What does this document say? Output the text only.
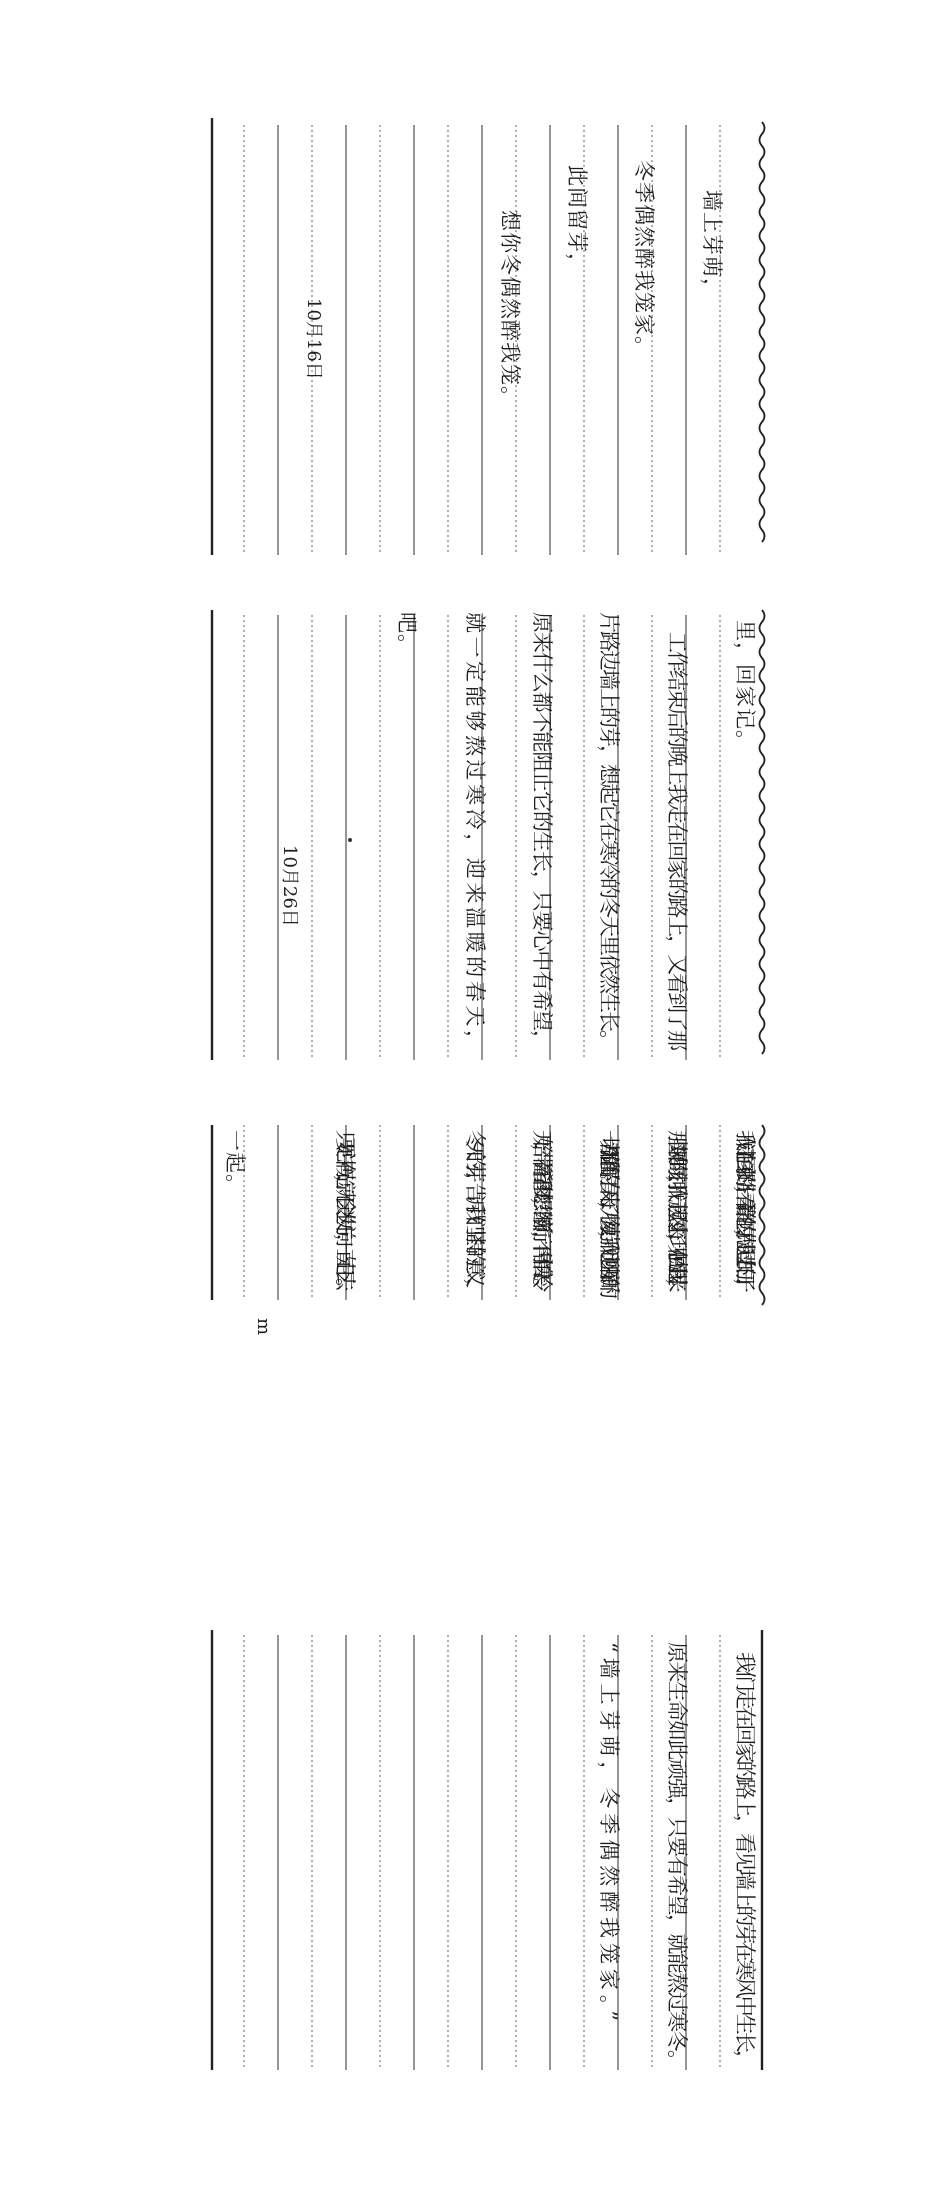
墙上芽萌，
冬季偶然醉我笼家。
此间留芽，
想你冬偶然醉我笼。
10月16日
里，回家记。
工作结束后的晚上我走在回家的路上，又看到了那
片路边墙上的芽，想起它在寒冷的冬天里依然生长。
原来什么都不能阻止它的生长，只要心中有希望，
就一定能够熬过寒冷，迎来温暖的春天，
吧。
10月26日
我们走在回家的路上，看着路边的芽，想起过去的日子，
那些艰难的时刻，我们一起熬过来了，现在回想起来，
一切都是值得的。春天来了，万物复苏，我们也迎来了新的
开始，带着希望和梦想，继续前行，不再害怕寒冷。
冬天的芽，告诉我们坚持的意义，
只要心中有光，就不会迷失方向，一直走下去。
一起。
m
我们走在回家的路上，看见墙上的芽在寒风中生长，
原来生命如此顽强，只要有希望，就能熬过寒冬。
“墙上芽萌，冬季偶然醉我笼家。”
